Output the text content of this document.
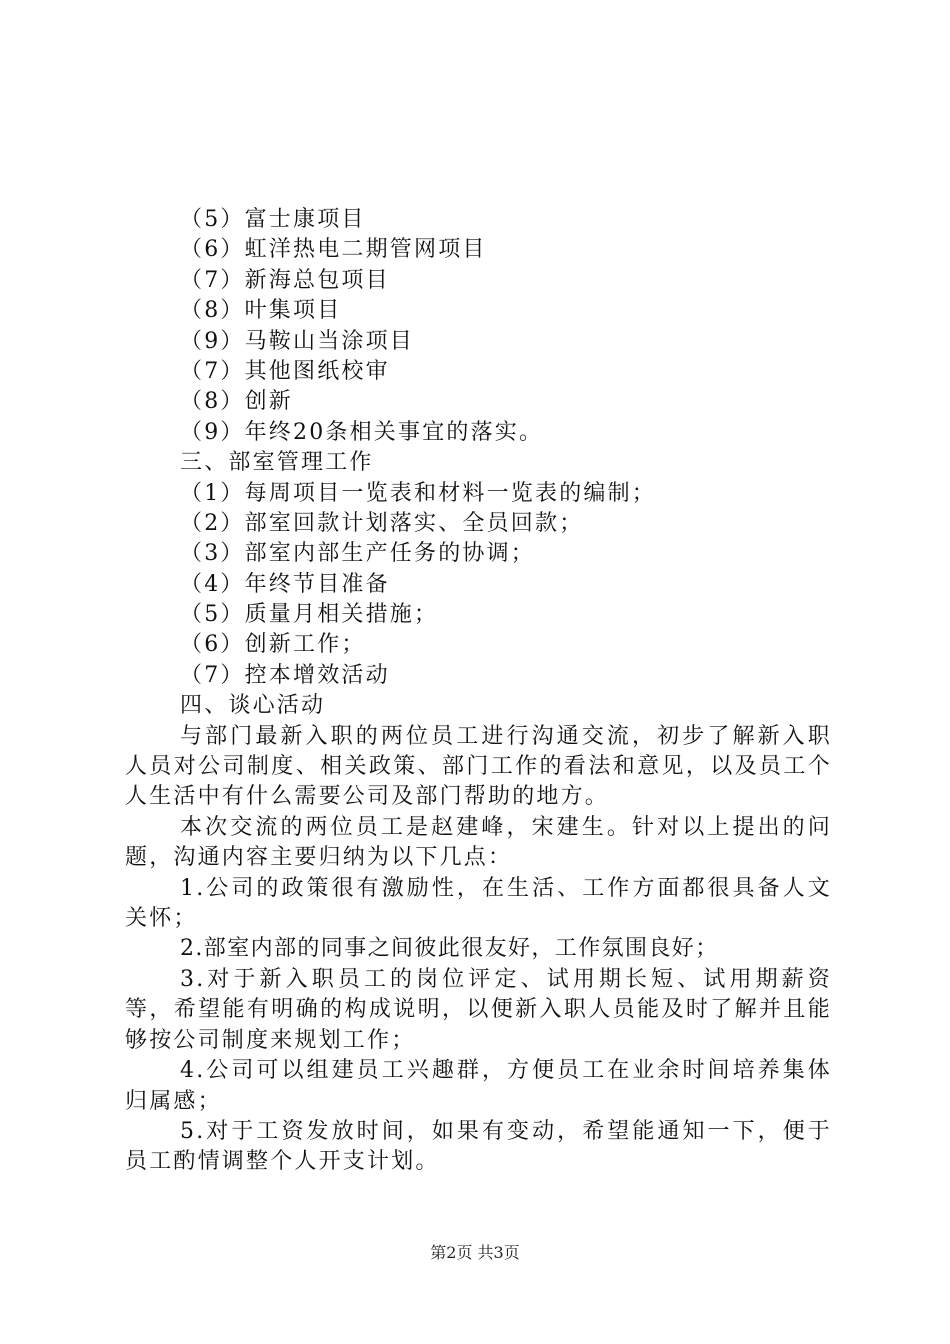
（5）富士康项目
（6）虹洋热电二期管网项目
（7）新海总包项目
（8）叶集项目
（9）马鞍山当涂项目
（7）其他图纸校审
（8）创新
（9）年终20条相关事宜的落实。
三、部室管理工作
（1）每周项目一览表和材料一览表的编制；
（2）部室回款计划落实、全员回款；
（3）部室内部生产任务的协调；
（4）年终节目准备
（5）质量月相关措施；
（6）创新工作；
（7）控本增效活动
四、谈心活动

与部门最新入职的两位员工进行沟通交流，初步了解新入职人员对公司制度、相关政策、部门工作的看法和意见，以及员工个人生活中有什么需要公司及部门帮助的地方。

本次交流的两位员工是赵建峰，宋建生。针对以上提出的问题，沟通内容主要归纳为以下几点：

1.公司的政策很有激励性，在生活、工作方面都很具备人文关怀；

2.部室内部的同事之间彼此很友好，工作氛围良好；

3.对于新入职员工的岗位评定、试用期长短、试用期薪资等，希望能有明确的构成说明，以便新入职人员能及时了解并且能够按公司制度来规划工作；

4.公司可以组建员工兴趣群，方便员工在业余时间培养集体归属感；

5.对于工资发放时间，如果有变动，希望能通知一下，便于员工酌情调整个人开支计划。

第2页 共3页
